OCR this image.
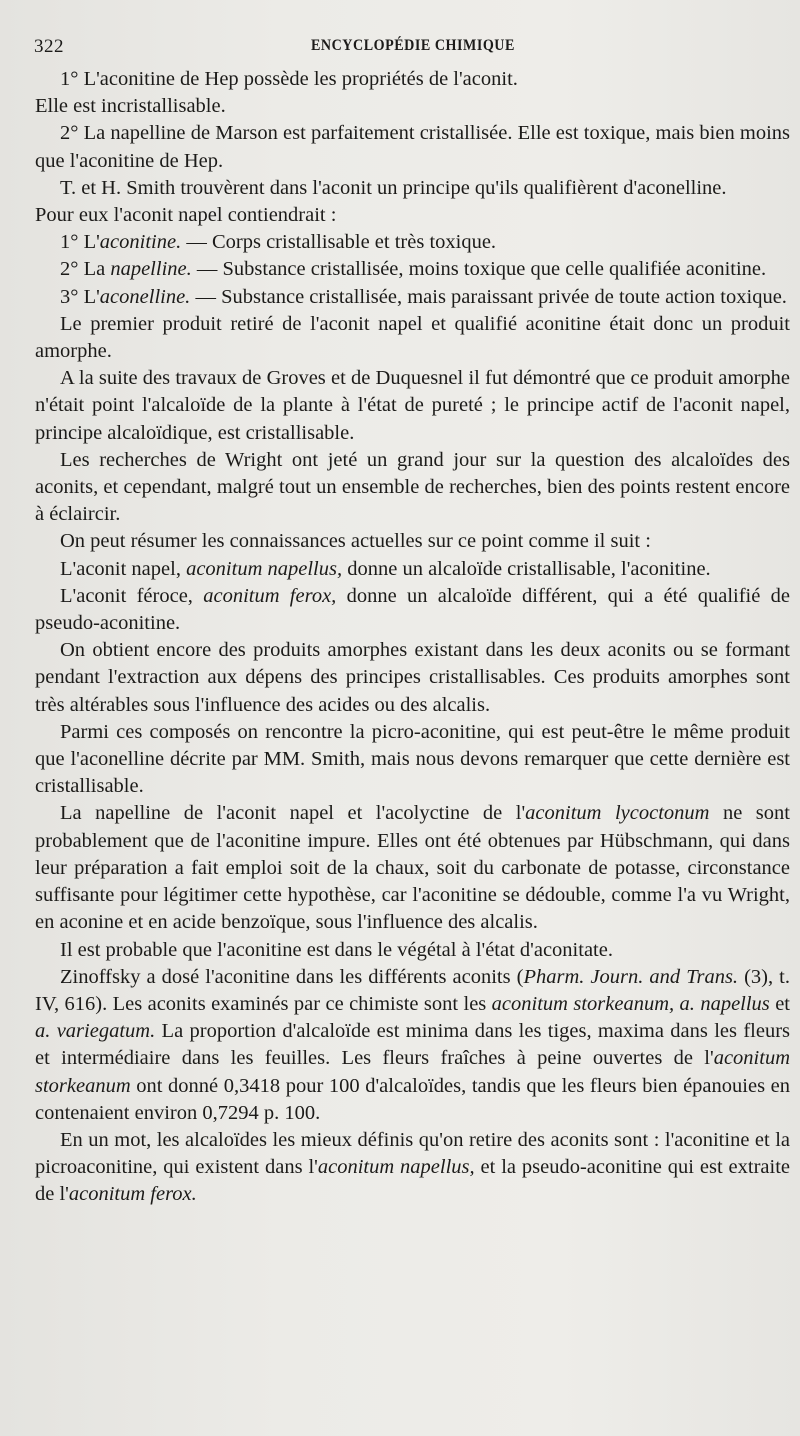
322	ENCYCLOPÉDIE CHIMIQUE

1° L'aconitine de Hep possède les propriétés de l'aconit.

Elle est incristallisable.

2° La napelline de Marson est parfaitement cristallisée. Elle est toxique, mais bien moins que l'aconitine de Hep.

T. et H. Smith trouvèrent dans l'aconit un principe qu'ils qualifièrent d'aconelline.

Pour eux l'aconit napel contiendrait :

1° L'aconitine. — Corps cristallisable et très toxique.

2° La napelline. — Substance cristallisée, moins toxique que celle qualifiée aconitine.

3° L'aconelline. — Substance cristallisée, mais paraissant privée de toute action toxique.

Le premier produit retiré de l'aconit napel et qualifié aconitine était donc un produit amorphe.

A la suite des travaux de Groves et de Duquesnel il fut démontré que ce produit amorphe n'était point l'alcaloïde de la plante à l'état de pureté ; le principe actif de l'aconit napel, principe alcaloïdique, est cristallisable.

Les recherches de Wright ont jeté un grand jour sur la question des alcaloïdes des aconits, et cependant, malgré tout un ensemble de recherches, bien des points restent encore à éclaircir.

On peut résumer les connaissances actuelles sur ce point comme il suit :

L'aconit napel, aconitum napellus, donne un alcaloïde cristallisable, l'aconitine.

L'aconit féroce, aconitum ferox, donne un alcaloïde différent, qui a été qualifié de pseudo-aconitine.

On obtient encore des produits amorphes existant dans les deux aconits ou se formant pendant l'extraction aux dépens des principes cristallisables. Ces produits amorphes sont très altérables sous l'influence des acides ou des alcalis.

Parmi ces composés on rencontre la picro-aconitine, qui est peut-être le même produit que l'aconelline décrite par MM. Smith, mais nous devons remarquer que cette dernière est cristallisable.

La napelline de l'aconit napel et l'acolyctine de l'aconitum lycoctonum ne sont probablement que de l'aconitine impure. Elles ont été obtenues par Hübschmann, qui dans leur préparation a fait emploi soit de la chaux, soit du carbonate de potasse, circonstance suffisante pour légitimer cette hypothèse, car l'aconitine se dédouble, comme l'a vu Wright, en aconine et en acide benzoïque, sous l'influence des alcalis.

Il est probable que l'aconitine est dans le végétal à l'état d'aconitate.

Zinoffsky a dosé l'aconitine dans les différents aconits (Pharm. Journ. and Trans. (3), t. IV, 616). Les aconits examinés par ce chimiste sont les aconitum storkeanum, a. napellus et a. variegatum. La proportion d'alcaloïde est minima dans les tiges, maxima dans les fleurs et intermédiaire dans les feuilles. Les fleurs fraîches à peine ouvertes de l'aconitum storkeanum ont donné 0,3418 pour 100 d'alcaloïdes, tandis que les fleurs bien épanouies en contenaient environ 0,7294 p. 100.

En un mot, les alcaloïdes les mieux définis qu'on retire des aconits sont : l'aconitine et la picroaconitine, qui existent dans l'aconitum napellus, et la pseudo-aconitine qui est extraite de l'aconitum ferox.
